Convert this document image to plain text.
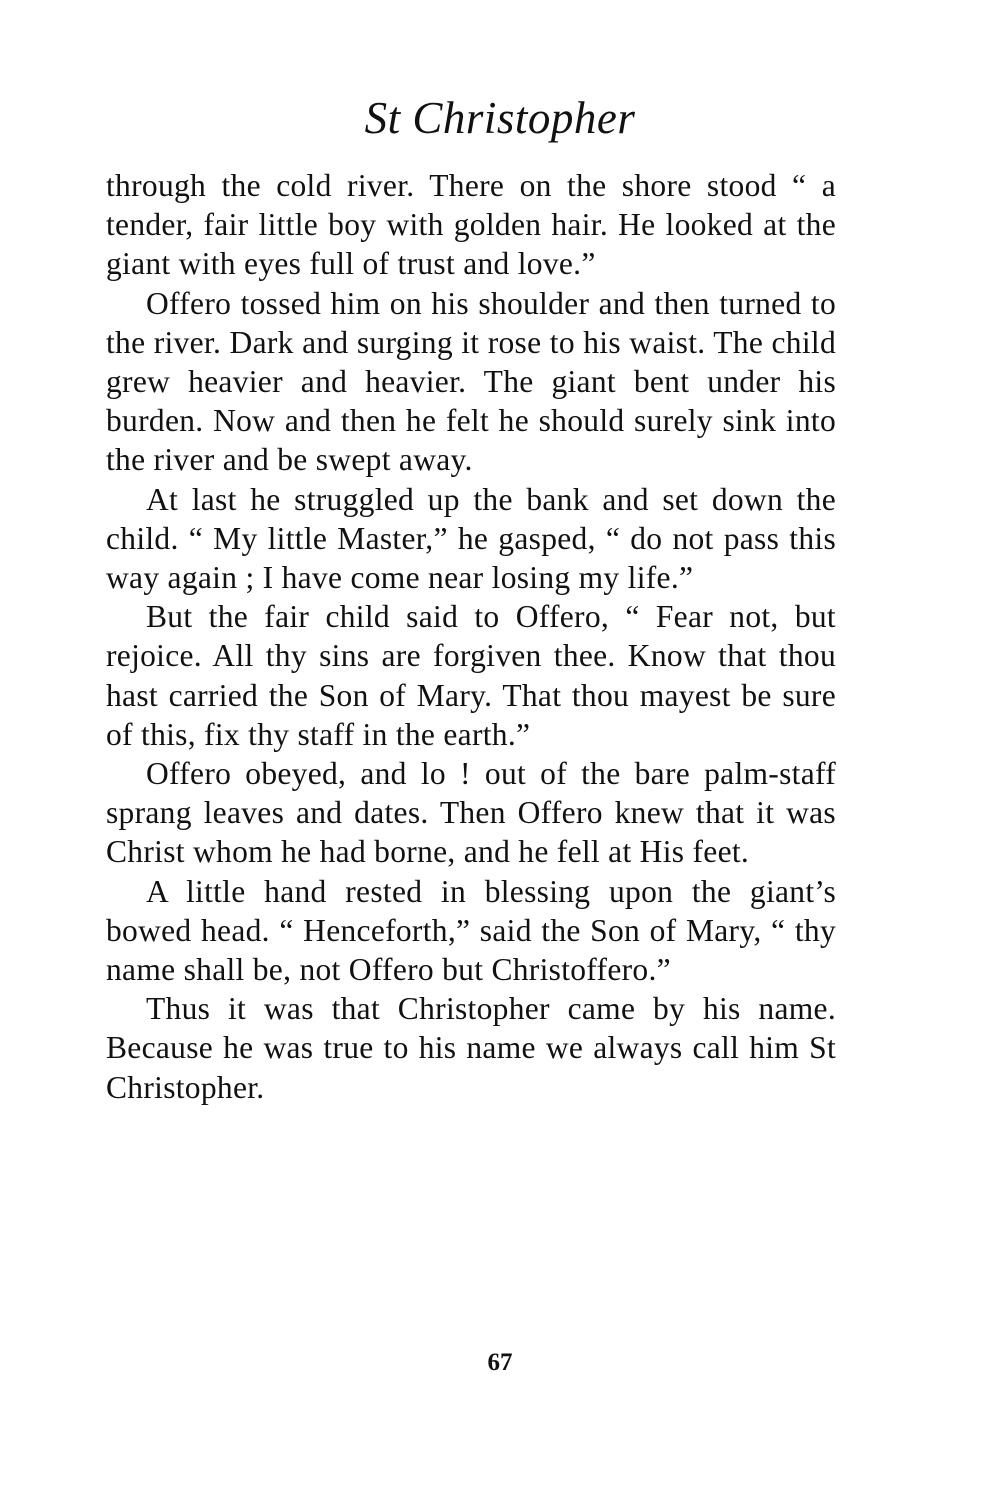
St Christopher

through the cold river. There on the shore stood “ a tender, fair little boy with golden hair. He looked at the giant with eyes full of trust and love.”

Offero tossed him on his shoulder and then turned to the river. Dark and surging it rose to his waist. The child grew heavier and heavier. The giant bent under his burden. Now and then he felt he should surely sink into the river and be swept away.

At last he struggled up the bank and set down the child. “ My little Master,” he gasped, “ do not pass this way again ; I have come near losing my life.”

But the fair child said to Offero, “ Fear not, but rejoice. All thy sins are forgiven thee. Know that thou hast carried the Son of Mary. That thou mayest be sure of this, fix thy staff in the earth.”

Offero obeyed, and lo ! out of the bare palm-staff sprang leaves and dates. Then Offero knew that it was Christ whom he had borne, and he fell at His feet.

A little hand rested in blessing upon the giant’s bowed head. “ Henceforth,” said the Son of Mary, “ thy name shall be, not Offero but Christoffero.”

Thus it was that Christopher came by his name. Because he was true to his name we always call him St Christopher.

67
